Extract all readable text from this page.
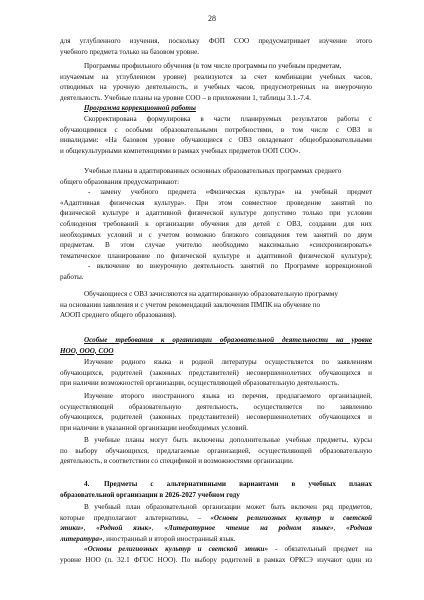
28
для углубленного изучения, поскольку ФОП СОО предусматривает изучение этого
учебного предмета только на базовом уровне.
Программы профильного обучения (в том числе программы по учебным предметам,
изучаемым на углубленном уровне) реализуются за счет комбинации учебных часов,
отводимых на урочную деятельность, и учебных часов, предусмотренных на внеурочную
деятельность. Учебные планы на уровне СОО – в приложении 1, таблицы 3.1.-7.4.
Программа коррекционной работы
Скорректирована формулировка в части планируемых результатов работы с
обучающимися с особыми образовательными потребностями, в том числе с ОВЗ и
инвалидами: «На базовом уровне обучающиеся с ОВЗ овладевают общеобразовательными
и общекультурными компетенциями в рамках учебных предметов ООП СОО».
Учебные планы в адаптированных основных образовательных программах среднего
общего образования предусматривают:
- замену учебного предмета «Физическая культура» на учебный предмет
«Адаптивная физическая культура». При этом совместное проведение занятий по
физической культуре и адаптивной физической культуре допустимо только при условии
соблюдения требований к организации обучения для детей с ОВЗ, создании для них
необходимых условий и с учетом возможно близкого совпадения тем занятий по двум
предметам. В этом случае учителю необходимо максимально «синхронизировать»
тематическое планирование по физической культуре и адаптивной физической культуре);
- включение во внеурочную деятельность занятий по Программе коррекционной
работы.
Обучающиеся с ОВЗ зачисляются на адаптированную образовательную программу
на основании заявления и с учетом рекомендаций заключения ПМПК на обучение по
АООП среднего общего образования).
Особые требования к организации образовательной деятельности на уровне
НОО, ООО, СОО
Изучение родного языка и родной литературы осуществляется по заявлениям
обучающихся, родителей (законных представителей) несовершеннолетних обучающихся и
при наличии возможностей организации, осуществляющей образовательную деятельность.
Изучение второго иностранного языка из перечня, предлагаемого организацией,
осуществляющей образовательную деятельность, осуществляется по заявлению
обучающихся, родителей (законных представителей) несовершеннолетних обучающихся и
при наличии в указанной организации необходимых условий.
В учебные планы могут быть включены дополнительные учебные предметы, курсы
по выбору обучающихся, предлагаемые организацией, осуществляющей образовательную
деятельность, в соответствии со спецификой и возможностями организации.
4. Предметы с альтернативными вариантами в учебных планах
образовательной организации в 2026-2027 учебном году
В учебный план образовательной организации может быть включен ряд предметов,
которые предполагают альтернативы, – «Основы религиозных культур и светской
этики», «Родной язык», «Литературное чтение на родном языке», «Родная
литература», иностранный и второй иностранный язык.
«Основы религиозных культур и светской этики» - обязательный предмет на
уровне НОО (п. 32.1 ФГОС НОО). По выбору родителей в рамках ОРКСЭ изучают один из
